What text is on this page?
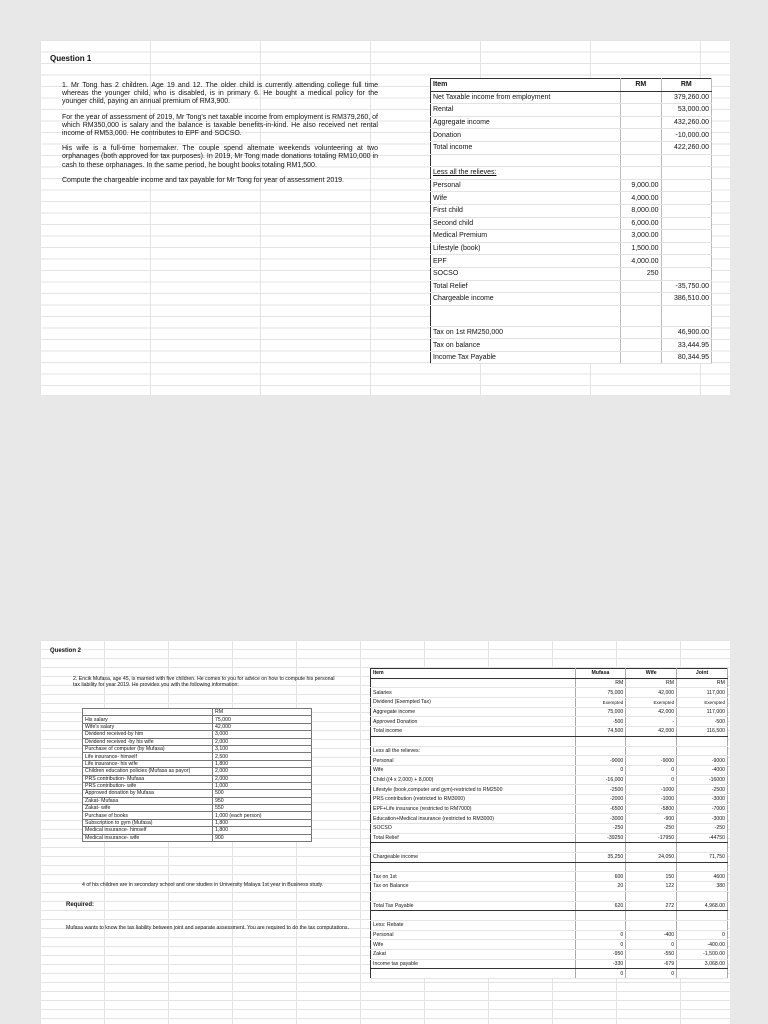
Question 1

1. Mr Tong has 2 children. Age 19 and 12. The older child is currently attending college full time whereas the younger child, who is disabled, is in primary 6. He bought a medical policy for the younger child, paying an annual premium of RM3,900.

For the year of assessment of 2019, Mr Tong's net taxable income from employment is RM379,260, of which RM350,000 is salary and the balance is taxable benefits-in-kind. He also received net rental income of RM53,000. He contributes to EPF and SOCSO.

His wife is a full-time homemaker. The couple spend alternate weekends volunteering at two orphanages (both approved for tax purposes). In 2019, Mr Tong made donations totaling RM10,000 in cash to these orphanages. In the same period, he bought books totaling RM1,500.

Compute the chargeable income and tax payable for Mr Tong for year of assessment 2019.

Item	RM	RM
Net Taxable income from employment		379,260.00
Rental		53,000.00
Aggregate income		432,260.00
Donation		-10,000.00
Total income		422,260.00

Less all the relieves:		
Personal	9,000.00	
Wife	4,000.00	
First child	8,000.00	
Second child	6,000.00	
Medical Premium	3,000.00	
Lifestyle (book)	1,500.00	
EPF	4,000.00	
SOCSO	250	
Total Relief		-35,750.00
Chargeable income		386,510.00

Tax on 1st RM250,000		46,900.00
Tax on balance		33,444.95
Income Tax Payable		80,344.95
Question 2
2. Encik Mufasa, age 45, is married with five children. He comes to you for advice on how to compute his personal tax liability for year 2019. He provides you with the following information:
	RM
His salary	75,000
Wife's salary	42,000
Dividend received-by him	3,000
Dividend received -by his wife	2,000
Purchase of computer (by Mufasa)	3,100
Life insurance- himself	2,500
Life insurance- his wife	1,800
Children education policies (Mufasa as payor)	2,000
PRS contribution- Mufasa	2,000
PRS contribution- wife	1,000
Approved donation by Mufasa	500
Zakat- Mufasa	950
Zakat- wife	550
Purchase of books	1,000 (each person)
Subscription to gym (Mufasa)	1,800
Medical insurance- himself	1,800
Medical insurance- wife	900
4 of his children are in secondary school and one studies in University Malaya 1st year in Business study.
Required:
Mufasa wants to know the tax liability between joint and separate assessment. You are required to do the tax computations.
Item	Mufasa	Wife	Joint
	RM	RM	RM
Salaries	75,000	42,000	117,000
Dividend (Exempted Tax)	Exempted	Exempted	Exempted
Aggregate income	75,000	42,000	117,000
Approved Donation	-500	-	-500
Total income	74,500	42,000	116,500

Less all the relieves:			
Personal	-9000	-9000	-9000
Wife	0	0	-4000
Child ((4 x 2,000) + 8,000)	-16,000	0	-16000
Lifestyle (book,computer and gym)-restricted to RM2500	-2500	-1000	-2500
PRS contribution (restricted to RM3000)	-2000	-1000	-3000
EPF+Life insurance (restricted to RM7000)	-6500	-5800	-7000
Education+Medical insurance (restricted to RM3000)	-3000	-900	-3000
SOCSO	-250	-250	-250
Total Relief	-39250	-17950	-44750

Chargeable income	35,250	24,050	71,750

Tax on 1st	600	150	4600
Tax on Balance	20	122	380

Total Tax Payable	620	272	4,968.00

Less: Rebate			
Personal	0	-400	0
Wife	0	0	-400.00
Zakat	-950	-550	-1,500.00
Income tax payable	-330	-679	3,068.00
	0	0	
